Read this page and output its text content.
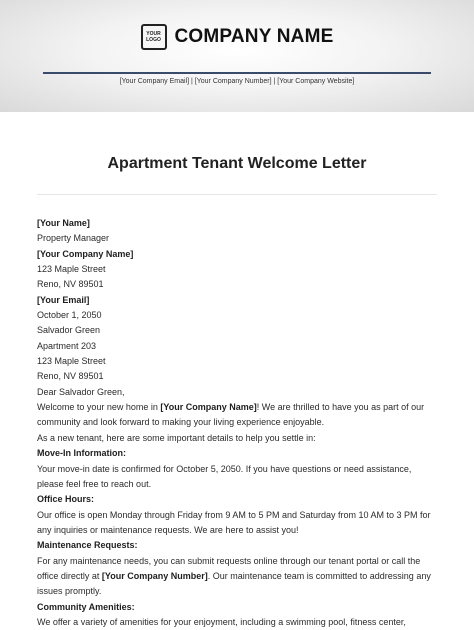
YOUR
LOGO COMPANY NAME
[Your Company Email] | [Your Company Number] | [Your Company Website]
Apartment Tenant Welcome Letter

[Your Name]

Property Manager

[Your Company Name]

123 Maple Street

Reno, NV 89501

[Your Email]

October 1, 2050

Salvador Green

Apartment 203

123 Maple Street

Reno, NV 89501

Dear Salvador Green,

Welcome to your new home in [Your Company Name]! We are thrilled to have you as part of our community and look forward to making your living experience enjoyable.

As a new tenant, here are some important details to help you settle in:

Move-In Information:

Your move-in date is confirmed for October 5, 2050. If you have questions or need assistance, please feel free to reach out.

Office Hours:

Our office is open Monday through Friday from 9 AM to 5 PM and Saturday from 10 AM to 3 PM for any inquiries or maintenance requests. We are here to assist you!

Maintenance Requests:

For any maintenance needs, you can submit requests online through our tenant portal or call the office directly at [Your Company Number]. Our maintenance team is committed to addressing any issues promptly.

Community Amenities:

We offer a variety of amenities for your enjoyment, including a swimming pool, fitness center,
